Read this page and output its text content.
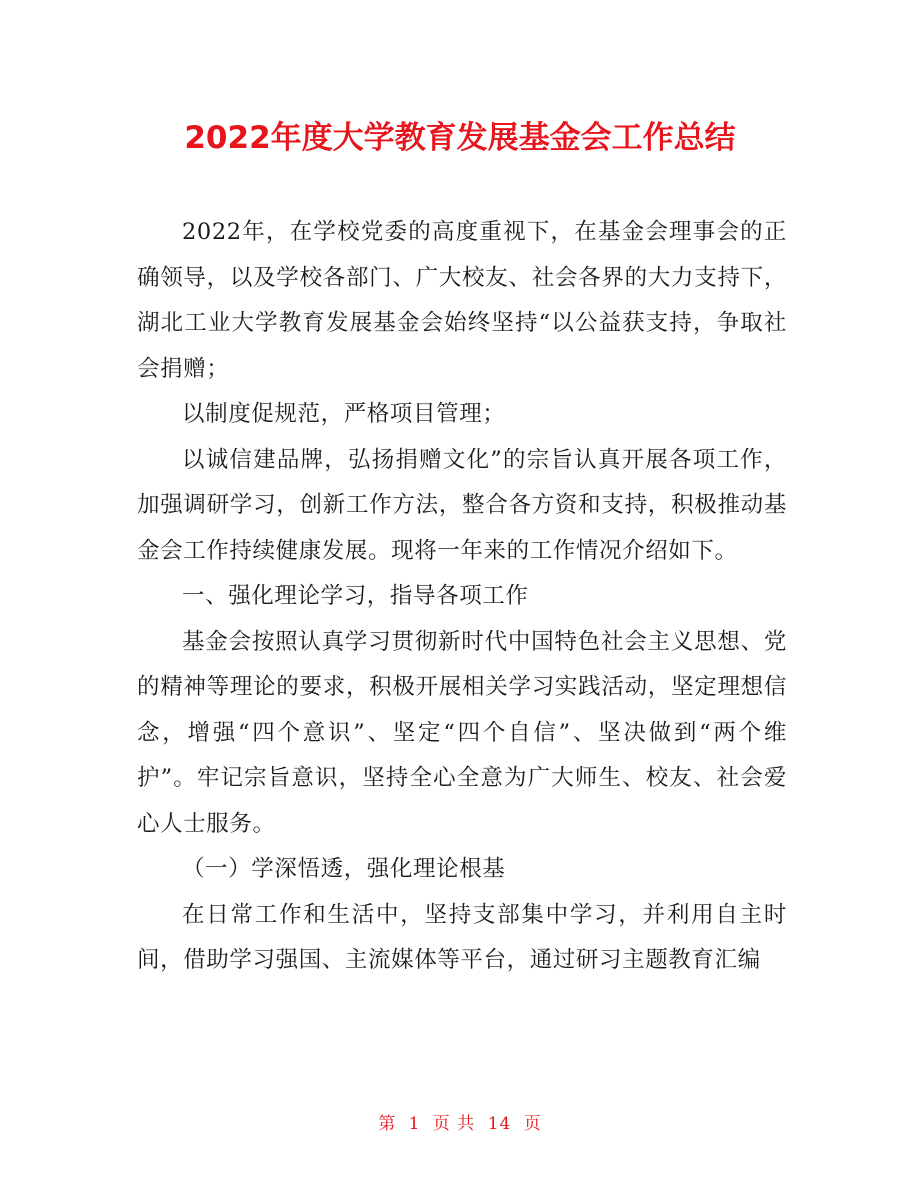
2022年度大学教育发展基金会工作总结

2022年，在学校党委的高度重视下，在基金会理事会的正确领导，以及学校各部门、广大校友、社会各界的大力支持下，湖北工业大学教育发展基金会始终坚持“以公益获支持，争取社会捐赠；

以制度促规范，严格项目管理；

以诚信建品牌，弘扬捐赠文化”的宗旨认真开展各项工作，加强调研学习，创新工作方法，整合各方资和支持，积极推动基金会工作持续健康发展。现将一年来的工作情况介绍如下。

一、强化理论学习，指导各项工作

基金会按照认真学习贯彻新时代中国特色社会主义思想、党的精神等理论的要求，积极开展相关学习实践活动，坚定理想信念，增强“四个意识”、坚定“四个自信”、坚决做到“两个维护”。牢记宗旨意识，坚持全心全意为广大师生、校友、社会爱心人士服务。

（一）学深悟透，强化理论根基

在日常工作和生活中，坚持支部集中学习，并利用自主时间，借助学习强国、主流媒体等平台，通过研习主题教育汇编

第 1 页 共 14 页
